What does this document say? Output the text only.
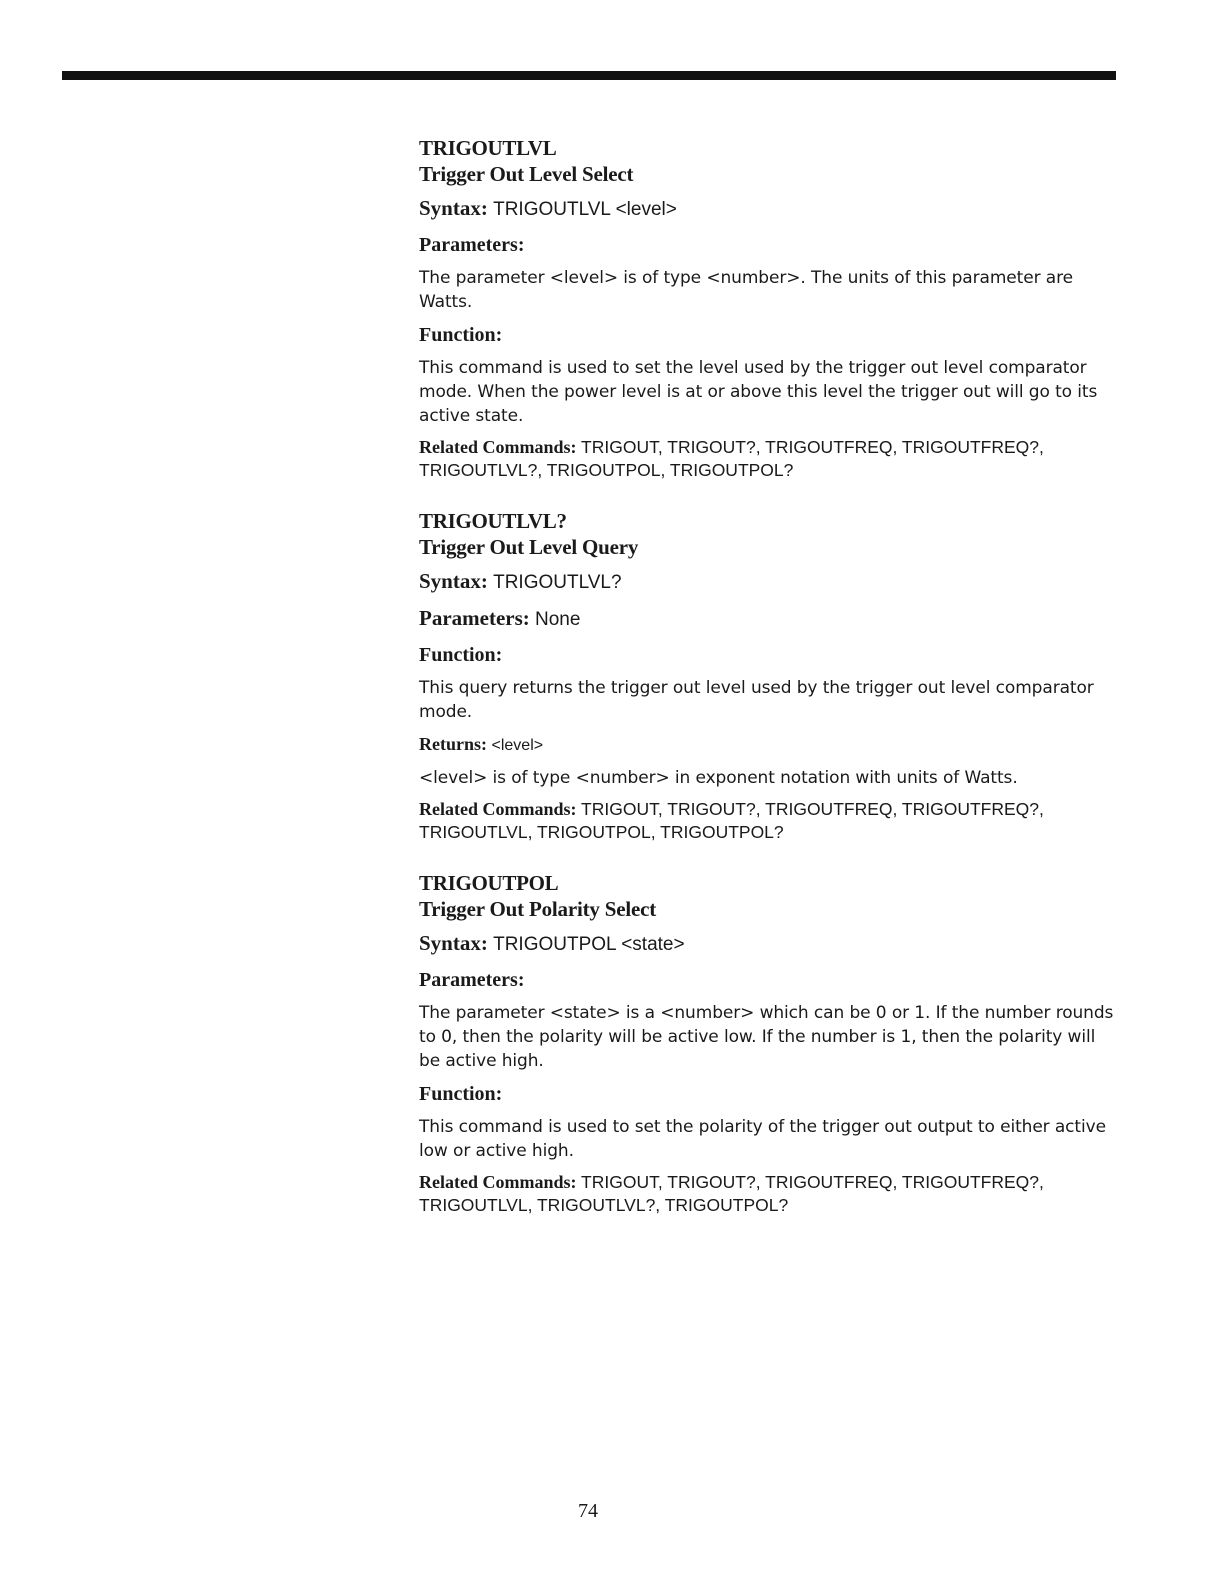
TRIGOUTLVL
Trigger Out Level Select
Syntax: TRIGOUTLVL <level>
Parameters:
The parameter <level> is of type <number>. The units of this parameter are Watts.
Function:
This command is used to set the level used by the trigger out level comparator mode. When the power level is at or above this level the trigger out will go to its active state.
Related Commands: TRIGOUT, TRIGOUT?, TRIGOUTFREQ, TRIGOUTFREQ?, TRIGOUTLVL?, TRIGOUTPOL, TRIGOUTPOL?
TRIGOUTLVL?
Trigger Out Level Query
Syntax: TRIGOUTLVL?
Parameters: None
Function:
This query returns the trigger out level used by the trigger out level comparator mode.
Returns: <level>
<level> is of type <number> in exponent notation with units of Watts.
Related Commands: TRIGOUT, TRIGOUT?, TRIGOUTFREQ, TRIGOUTFREQ?, TRIGOUTLVL, TRIGOUTPOL, TRIGOUTPOL?
TRIGOUTPOL
Trigger Out Polarity Select
Syntax: TRIGOUTPOL <state>
Parameters:
The parameter <state> is a <number> which can be 0 or 1. If the number rounds to 0, then the polarity will be active low. If the number is 1, then the polarity will be active high.
Function:
This command is used to set the polarity of the trigger out output to either active low or active high.
Related Commands: TRIGOUT, TRIGOUT?, TRIGOUTFREQ, TRIGOUTFREQ?, TRIGOUTLVL, TRIGOUTLVL?, TRIGOUTPOL?
74
